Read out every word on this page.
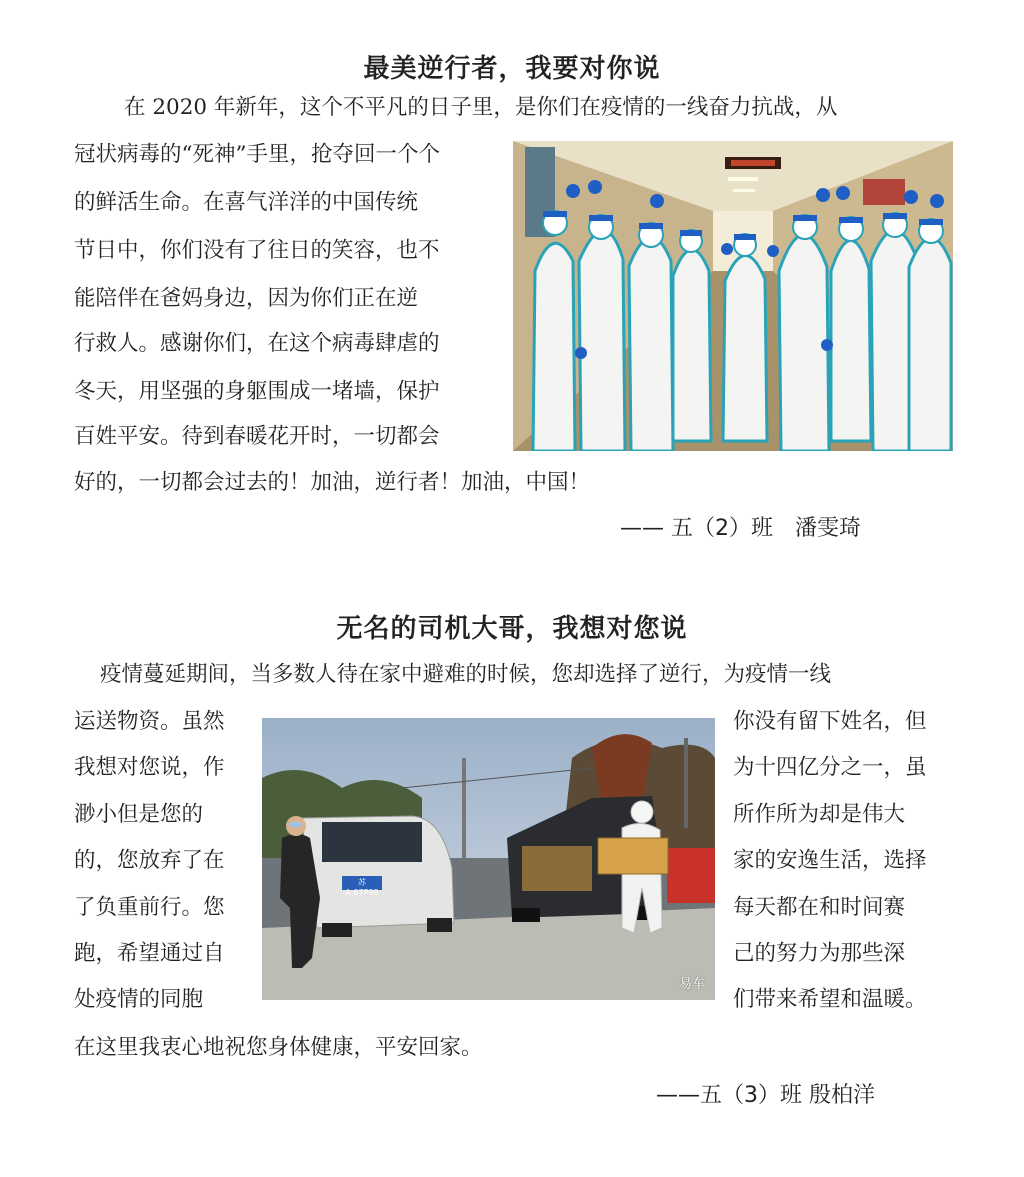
最美逆行者，我要对你说
在 2020 年新年，这个不平凡的日子里，是你们在疫情的一线奋力抗战，从
冠状病毒的“死神”手里，抢夺回一个个
的鲜活生命。在喜气洋洋的中国传统
节日中，你们没有了往日的笑容，也不
能陪伴在爸妈身边，因为你们正在逆
行救人。感谢你们，在这个病毒肆虐的
冬天，用坚强的身躯围成一堵墙，保护
百姓平安。待到春暖花开时，一切都会
好的，一切都会过去的！加油，逆行者！加油，中国！
—— 五（2）班　潘雯琦
无名的司机大哥，我想对您说
疫情蔓延期间，当多数人待在家中避难的时候，您却选择了逆行，为疫情一线
运送物资。虽然
我想对您说，作
渺小但是您的
的，您放弃了在
了负重前行。您
跑，希望通过自
处疫情的同胞
你没有留下姓名，但
为十四亿分之一，虽
所作所为却是伟大
家的安逸生活，选择
每天都在和时间赛
己的努力为那些深
们带来希望和温暖。
在这里我衷心地祝您身体健康，平安回家。
——五（3）班 殷柏洋
易车
苏A·67P99
